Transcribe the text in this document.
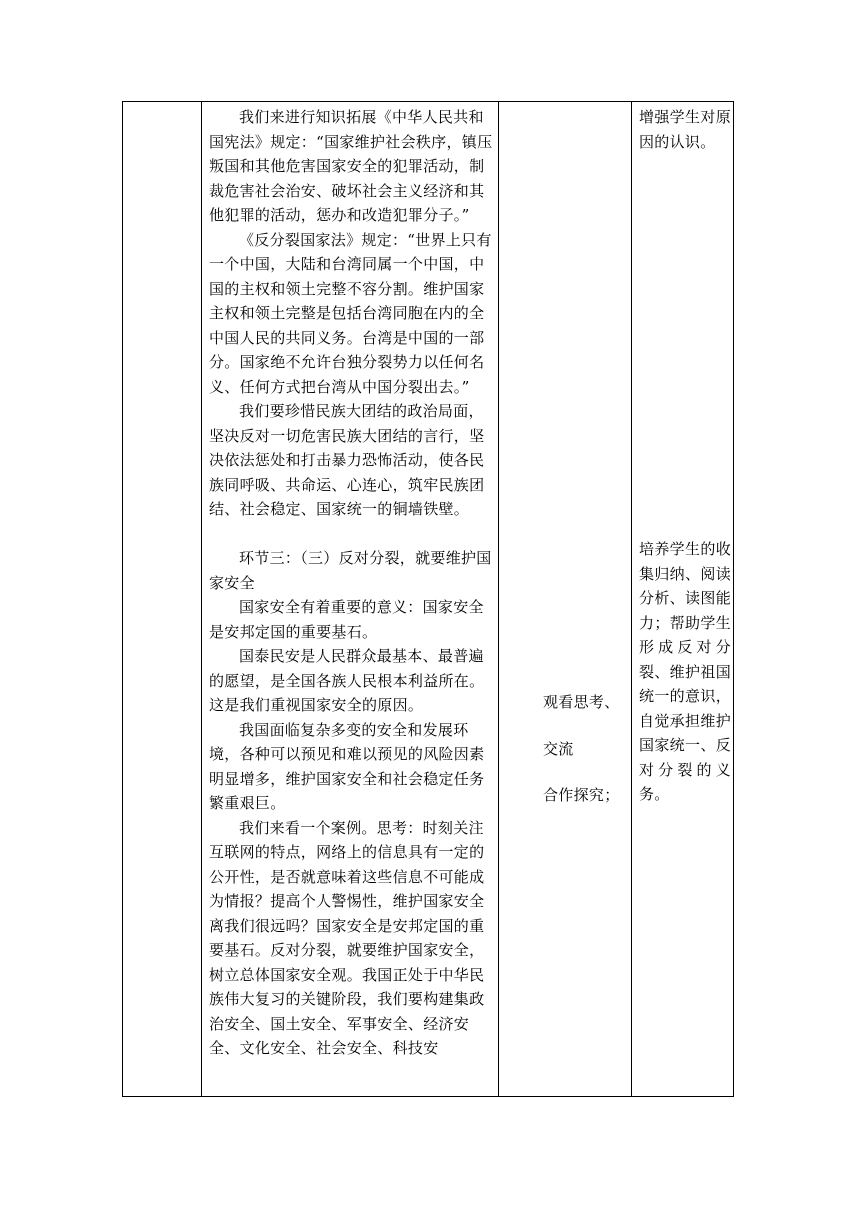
我们来进行知识拓展《中华人民共和国宪法》规定：“国家维护社会秩序，镇压叛国和其他危害国家安全的犯罪活动，制裁危害社会治安、破坏社会主义经济和其他犯罪的活动，惩办和改造犯罪分子。”

《反分裂国家法》规定：“世界上只有一个中国，大陆和台湾同属一个中国，中国的主权和领土完整不容分割。维护国家主权和领土完整是包括台湾同胞在内的全中国人民的共同义务。台湾是中国的一部分。国家绝不允许台独分裂势力以任何名义、任何方式把台湾从中国分裂出去。”

我们要珍惜民族大团结的政治局面，坚决反对一切危害民族大团结的言行，坚决依法惩处和打击暴力恐怖活动，使各民族同呼吸、共命运、心连心，筑牢民族团结、社会稳定、国家统一的铜墙铁壁。

环节三：（三）反对分裂，就要维护国家安全

国家安全有着重要的意义：国家安全是安邦定国的重要基石。

国泰民安是人民群众最基本、最普遍的愿望，是全国各族人民根本利益所在。这是我们重视国家安全的原因。

我国面临复杂多变的安全和发展环境，各种可以预见和难以预见的风险因素明显增多，维护国家安全和社会稳定任务繁重艰巨。

我们来看一个案例。思考：时刻关注互联网的特点，网络上的信息具有一定的公开性，是否就意味着这些信息不可能成为情报？提高个人警惕性，维护国家安全离我们很远吗？国家安全是安邦定国的重要基石。反对分裂，就要维护国家安全，树立总体国家安全观。我国正处于中华民族伟大复习的关键阶段，我们要构建集政治安全、国土安全、军事安全、经济安全、文化安全、社会安全、科技安

观看思考、
交流
合作探究；

增强学生对原因的认识。

培养学生的收集归纳、阅读分析、读图能力；帮助学生形成反对分裂、维护祖国统一的意识，自觉承担维护国家统一、反对分裂的义务。
